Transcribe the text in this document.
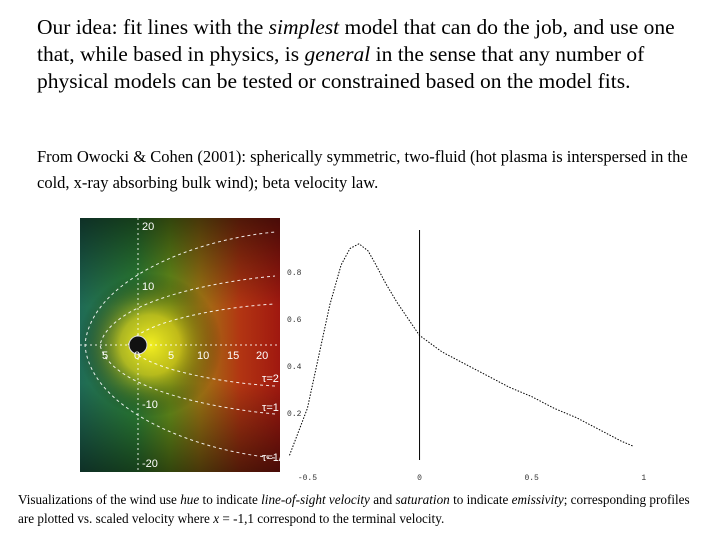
Our idea: fit lines with the simplest model that can do the job, and use one that, while based in physics, is general in the sense that any number of physical models can be tested or constrained based on the model fits.

From Owocki & Cohen (2001): spherically symmetric, two-fluid (hot plasma is interspersed in the cold, x-ray absorbing bulk wind); beta velocity law.

20
10
-10
-20
5 0	5 10 15 20
τ=2
τ=1
τ=1/2
0.8
0.6
0.4
0.2
-0.5	0	0.5	1

Visualizations of the wind use hue to indicate line-of-sight velocity and saturation to indicate emissivity; corresponding profiles are plotted vs. scaled velocity where x = -1,1 correspond to the terminal velocity.
